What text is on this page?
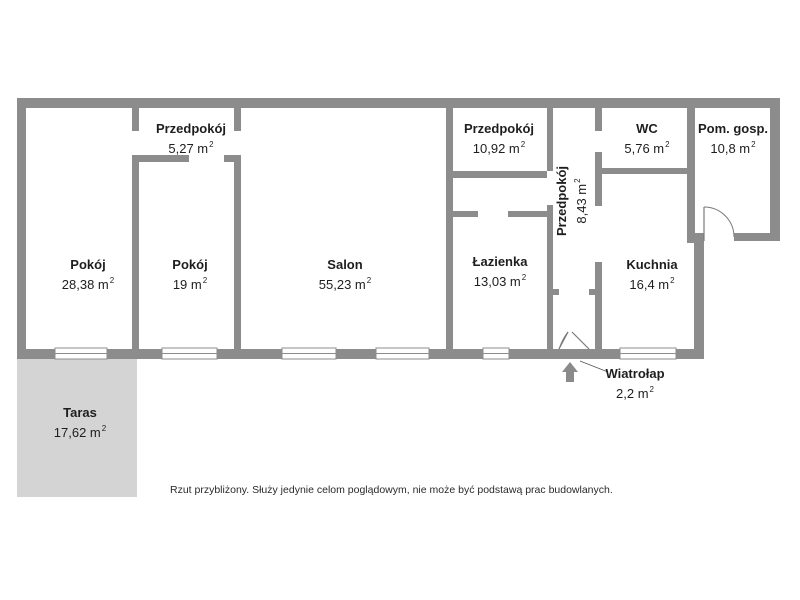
Pokój
28,38 $m^2$
Przedpokój
5,27 $m^2$
Pokój
19 $m^2$
Salon
55,23 $m^2$
Przedpokój
10,92 $m^2$
Łazienka
13,03 $m^2$
Przedpokój 8,43 $m^2$
WC
5,76 $m^2$
Pom. gosp.
10,8 $m^2$
Kuchnia
16,4 $m^2$
Wiatrołap
2,2 $m^2$
Taras
17,62 $m^2$
Rzut przybliżony. Służy jedynie celom poglądowym, nie może być podstawą prac budowlanych.
